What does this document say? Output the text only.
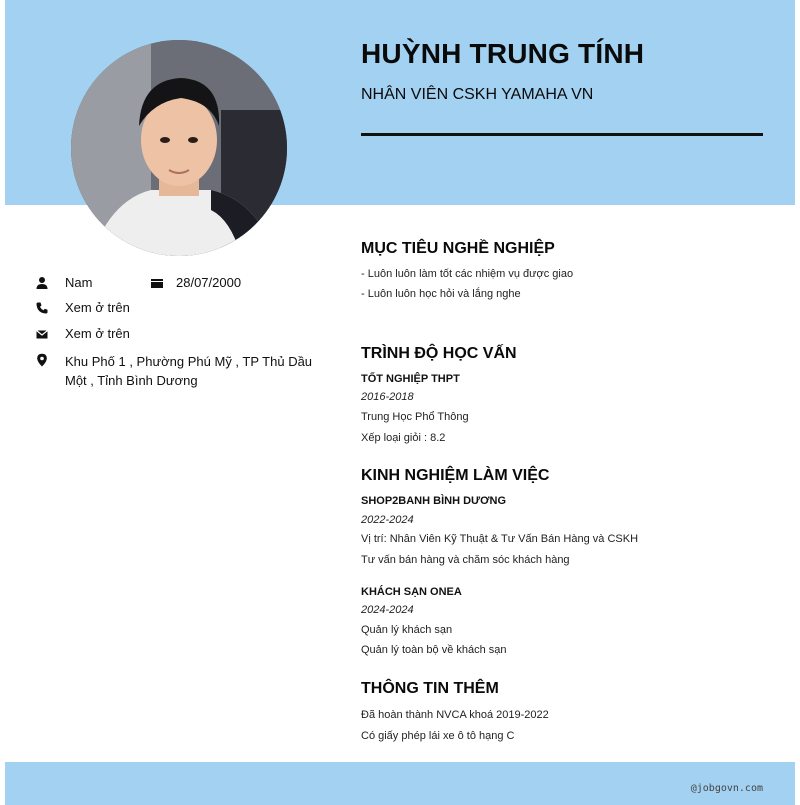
HUỲNH TRUNG TÍNH
NHÂN VIÊN CSKH YAMAHA VN
Nam	28/07/2000
Xem ở trên
Xem ở trên
Khu Phố 1 , Phường Phú Mỹ , TP Thủ Dầu Một , Tỉnh Bình Dương
MỤC TIÊU NGHỀ NGHIỆP
- Luôn luôn làm tốt các nhiệm vụ được giao
- Luôn luôn học hỏi và lắng nghe
TRÌNH ĐỘ HỌC VẤN
TỐT NGHIỆP THPT
2016-2018
Trung Học Phổ Thông
Xếp loại giỏi : 8.2
KINH NGHIỆM LÀM VIỆC
SHOP2BANH BÌNH DƯƠNG
2022-2024
Vị trí: Nhân Viên Kỹ Thuật & Tư Vấn Bán Hàng và CSKH
Tư vấn bán hàng và chăm sóc khách hàng
KHÁCH SẠN ONEA
2024-2024
Quản lý khách sạn
Quản lý toàn bộ về khách sạn
THÔNG TIN THÊM
Đã hoàn thành NVCA khoá 2019-2022
Có giấy phép lái xe ô tô hạng C
@jobgovn.com
